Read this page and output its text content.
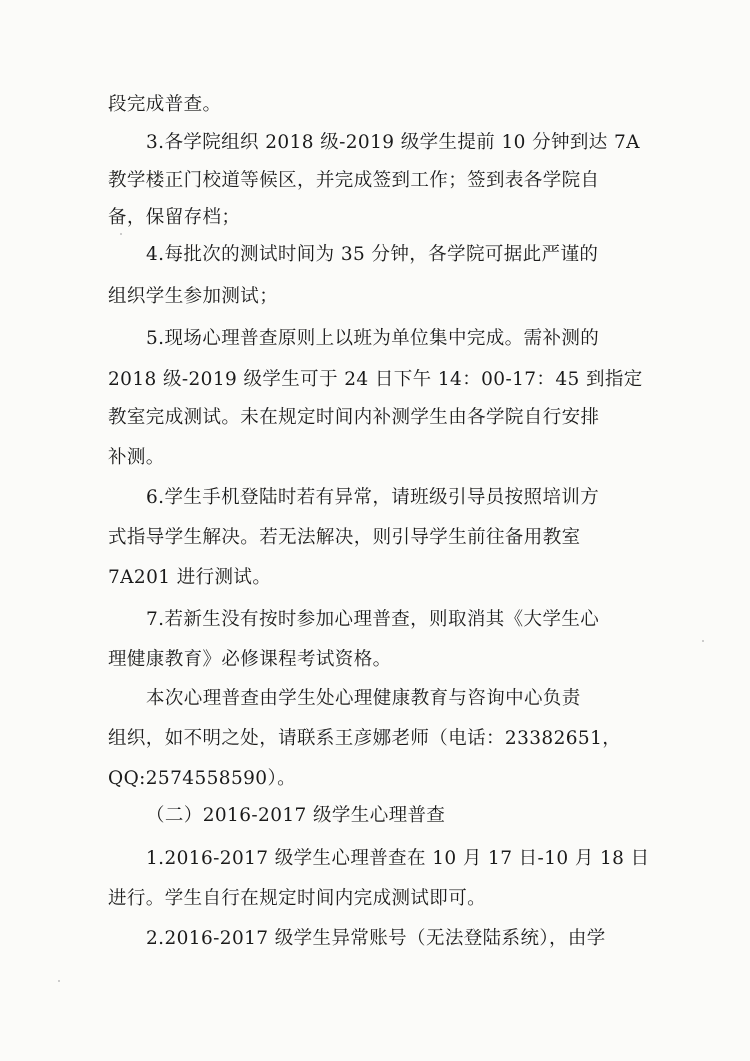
段完成普查。
3.各学院组织 2018 级-2019 级学生提前 10 分钟到达 7A
教学楼正门校道等候区，并完成签到工作；签到表各学院自
备，保留存档；
4.每批次的测试时间为 35 分钟，各学院可据此严谨的
组织学生参加测试；
5.现场心理普查原则上以班为单位集中完成。需补测的
2018 级-2019 级学生可于 24 日下午 14：00-17：45 到指定
教室完成测试。未在规定时间内补测学生由各学院自行安排
补测。
6.学生手机登陆时若有异常，请班级引导员按照培训方
式指导学生解决。若无法解决，则引导学生前往备用教室
7A201 进行测试。
7.若新生没有按时参加心理普查，则取消其《大学生心
理健康教育》必修课程考试资格。
本次心理普查由学生处心理健康教育与咨询中心负责
组织，如不明之处，请联系王彦娜老师（电话：23382651，
QQ:2574558590）。
（二）2016-2017 级学生心理普查
1.2016-2017 级学生心理普查在 10 月 17 日-10 月 18 日
进行。学生自行在规定时间内完成测试即可。
2.2016-2017 级学生异常账号（无法登陆系统），由学
